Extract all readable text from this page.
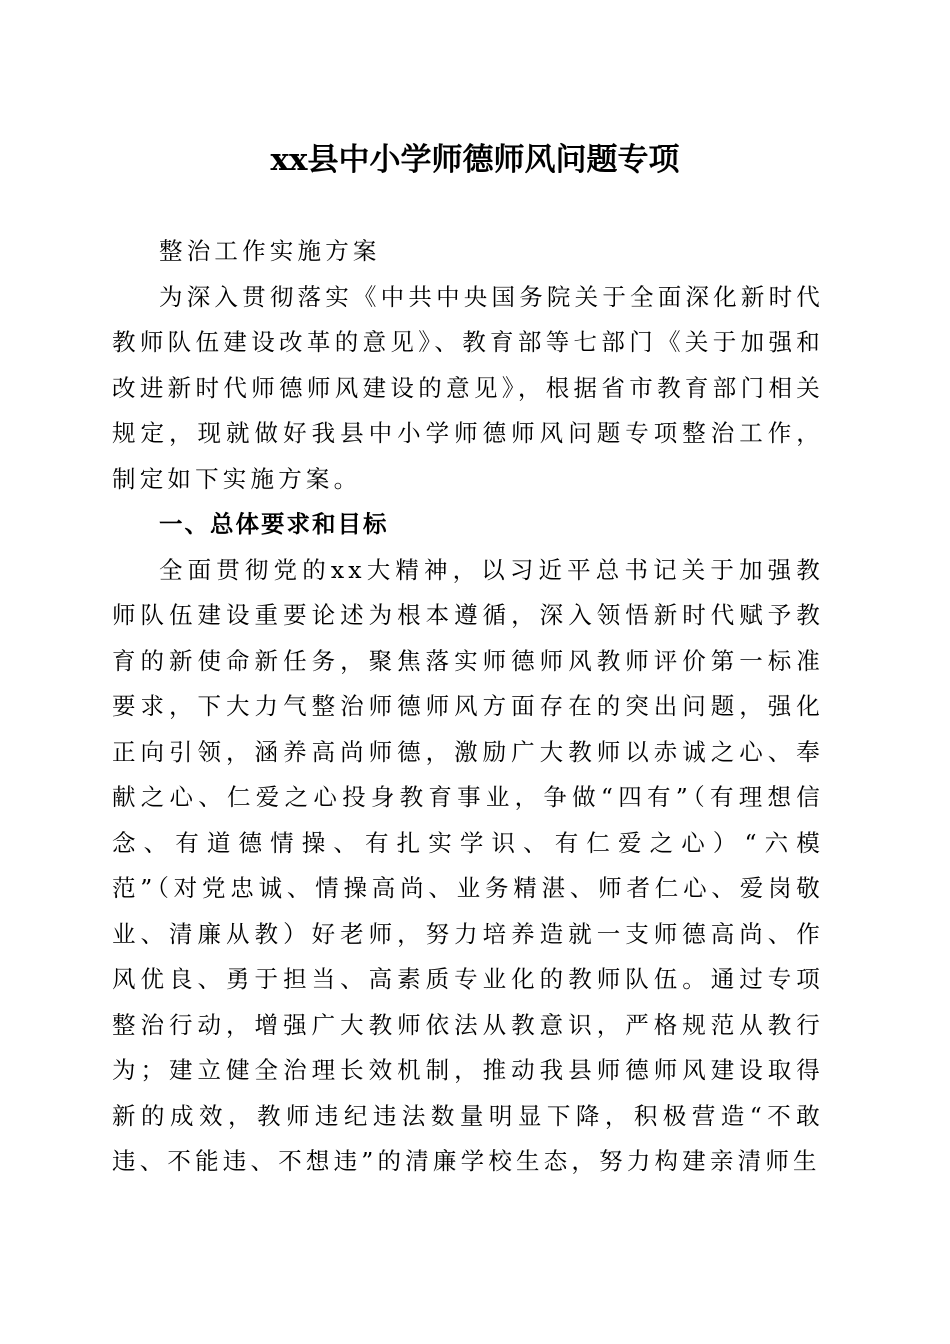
xx县中小学师德师风问题专项

整治工作实施方案

为深入贯彻落实《中共中央国务院关于全面深化新时代教师队伍建设改革的意见》、教育部等七部门《关于加强和改进新时代师德师风建设的意见》，根据省市教育部门相关规定，现就做好我县中小学师德师风问题专项整治工作，制定如下实施方案。

一、总体要求和目标

全面贯彻党的xx大精神，以习近平总书记关于加强教师队伍建设重要论述为根本遵循，深入领悟新时代赋予教育的新使命新任务，聚焦落实师德师风教师评价第一标准要求，下大力气整治师德师风方面存在的突出问题，强化正向引领，涵养高尚师德，激励广大教师以赤诚之心、奉献之心、仁爱之心投身教育事业，争做“四有”（有理想信念、有道德情操、有扎实学识、有仁爱之心）“六模范”（对党忠诚、情操高尚、业务精湛、师者仁心、爱岗敬业、清廉从教）好老师，努力培养造就一支师德高尚、作风优良、勇于担当、高素质专业化的教师队伍。通过专项整治行动，增强广大教师依法从教意识，严格规范从教行为；建立健全治理长效机制，推动我县师德师风建设取得新的成效，教师违纪违法数量明显下降，积极营造“不敢违、不能违、不想违”的清廉学校生态，努力构建亲清师生
